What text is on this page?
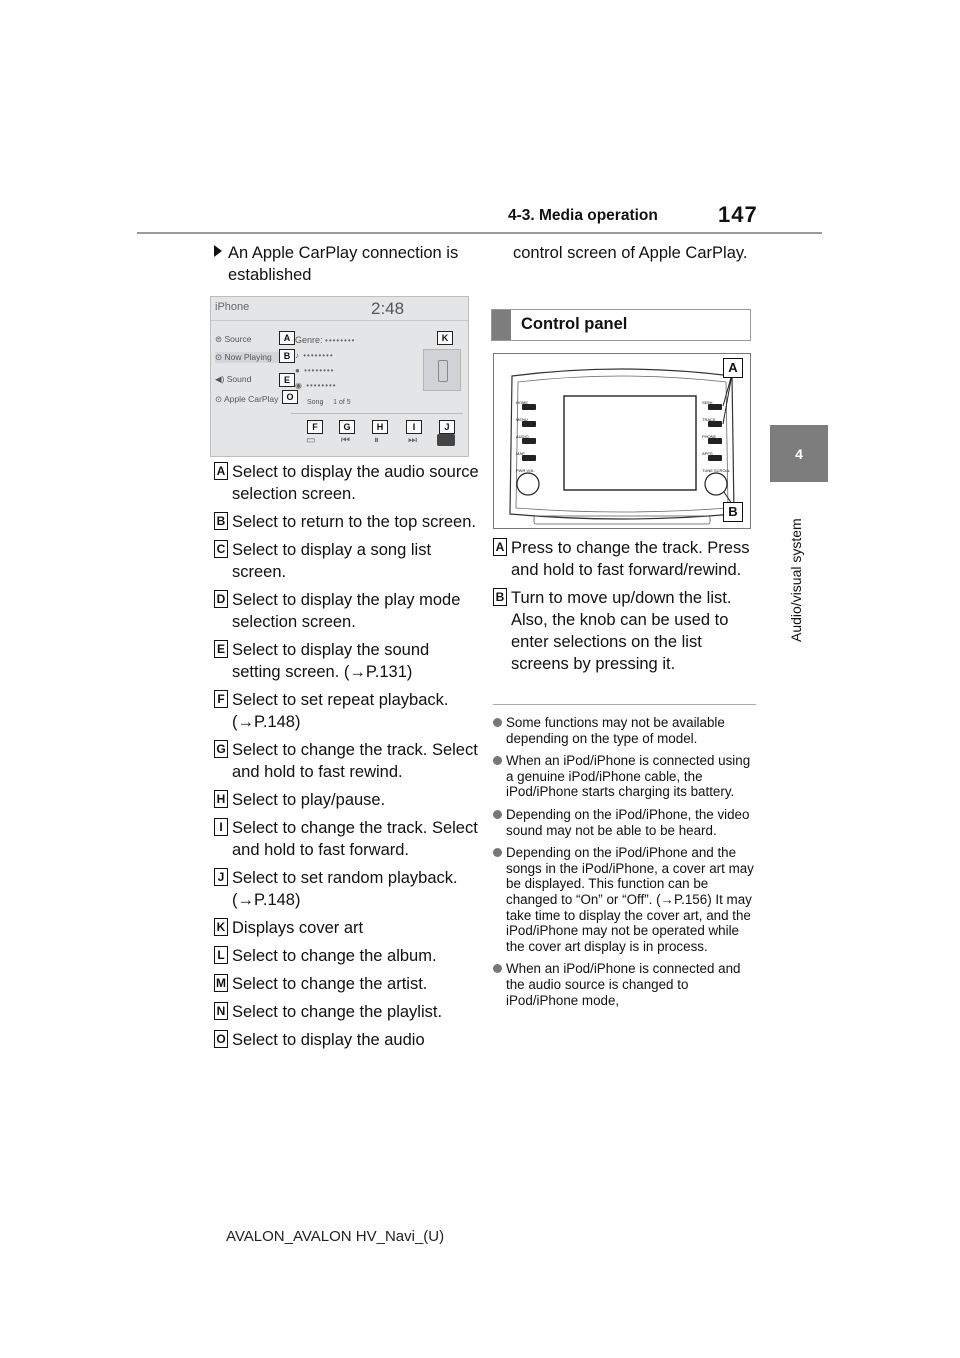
4-3. Media operation	147
4
Audio/visual system
An Apple CarPlay connection is established
iPhone	2:48
⊜ Source
⊙ Now Playing
◀) Sound
⊙ Apple CarPlay
Genre: ••••••••
♪ ••••••••
● ••••••••
◉ ••••••••
Song 1 of 5
▭	⏮ ⏸	⏭
A
B
E
O
K
F	G	H	I	J
A Select to display the audio source selection screen.
B Select to return to the top screen.
C Select to display a song list screen.
D Select to display the play mode selection screen.
E Select to display the sound setting screen. (→P.131)
F Select to set repeat playback. (→P.148)
G Select to change the track. Select and hold to fast rewind.
H Select to play/pause.
I Select to change the track. Select and hold to fast forward.
J Select to set random playback. (→P.148)
K Displays cover art
L Select to change the album.
M Select to change the artist.
N Select to change the playlist.
O Select to display the audio
control screen of Apple CarPlay.
Control panel
HOME
MENU
AUDIO
MAP
PWR VOL
SEEK
TRACK
PHONE
APPS
TUNE SCROLL
A
B
A Press to change the track. Press and hold to fast forward/rewind.
B Turn to move up/down the list. Also, the knob can be used to enter selections on the list screens by pressing it.
Some functions may not be available depending on the type of model.
When an iPod/iPhone is connected using a genuine iPod/iPhone cable, the iPod/iPhone starts charging its battery.
Depending on the iPod/iPhone, the video sound may not be able to be heard.
Depending on the iPod/iPhone and the songs in the iPod/iPhone, a cover art may be displayed. This function can be changed to “On” or “Off”. (→P.156) It may take time to display the cover art, and the iPod/iPhone may not be operated while the cover art display is in process.
When an iPod/iPhone is connected and the audio source is changed to iPod/iPhone mode,
AVALON_AVALON HV_Navi_(U)
